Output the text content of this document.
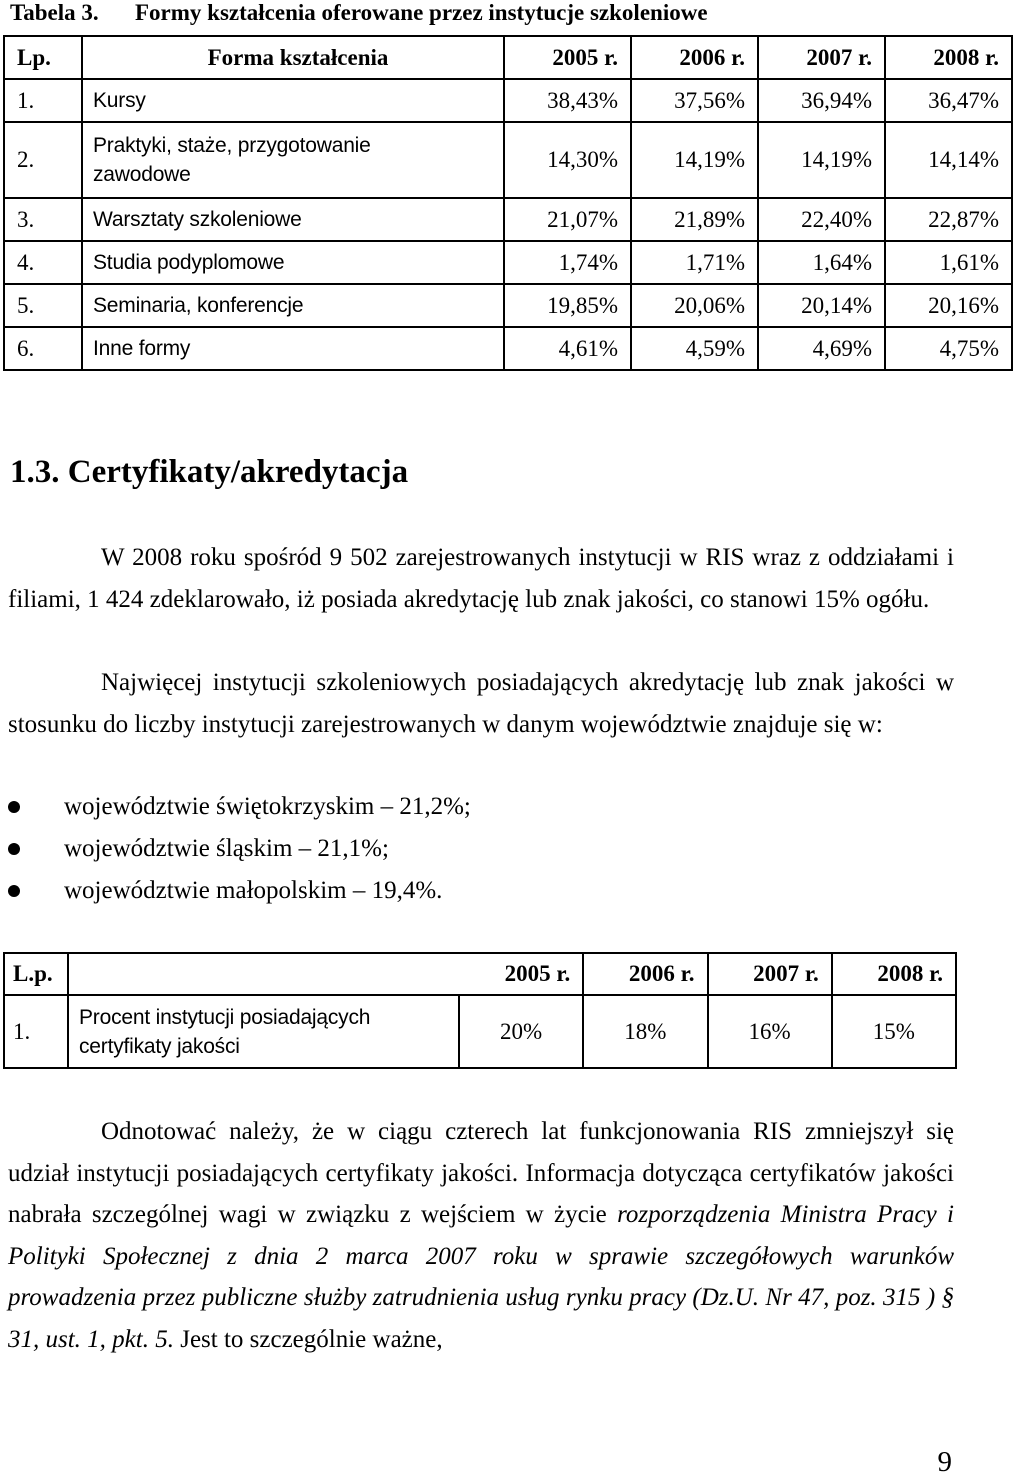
Tabela 3. Formy kształcenia oferowane przez instytucje szkoleniowe
Lp.	Forma kształcenia	2005 r.	2006 r.	2007 r.	2008 r.
1.	Kursy	38,43%	37,56%	36,94%	36,47%
2.	Praktyki, staże, przygotowanie
zawodowe	14,30%	14,19%	14,19%	14,14%
3.	Warsztaty szkoleniowe	21,07%	21,89%	22,40%	22,87%
4.	Studia podyplomowe	1,74%	1,71%	1,64%	1,61%
5.	Seminaria, konferencje	19,85%	20,06%	20,14%	20,16%
6.	Inne formy	4,61%	4,59%	4,69%	4,75%
1.3. Certyfikaty/akredytacja

W 2008 roku spośród 9 502 zarejestrowanych instytucji w RIS wraz z oddziałami i filiami, 1 424 zdeklarowało, iż posiada akredytację lub znak jakości, co stanowi 15% ogółu.

Najwięcej instytucji szkoleniowych posiadających akredytację lub znak jakości w stosunku do liczby instytucji zarejestrowanych w danym województwie znajduje się w:

województwie świętokrzyskim – 21,2%;
województwie śląskim – 21,1%;
województwie małopolskim – 19,4%.
L.p.		2005 r.	2006 r.	2007 r.	2008 r.
1.	Procent instytucji posiadających
certyfikaty jakości	20%	18%	16%	15%

Odnotować należy, że w ciągu czterech lat funkcjonowania RIS zmniejszył się udział instytucji posiadających certyfikaty jakości. Informacja dotycząca certyfikatów jakości nabrała szczególnej wagi w związku z wejściem w życie rozporządzenia Ministra Pracy i Polityki Społecznej z dnia 2 marca 2007 roku w sprawie szczegółowych warunków prowadzenia przez publiczne służby zatrudnienia usług rynku pracy (Dz.U. Nr 47, poz. 315 ) § 31, ust. 1, pkt. 5. Jest to szczególnie ważne,

9
